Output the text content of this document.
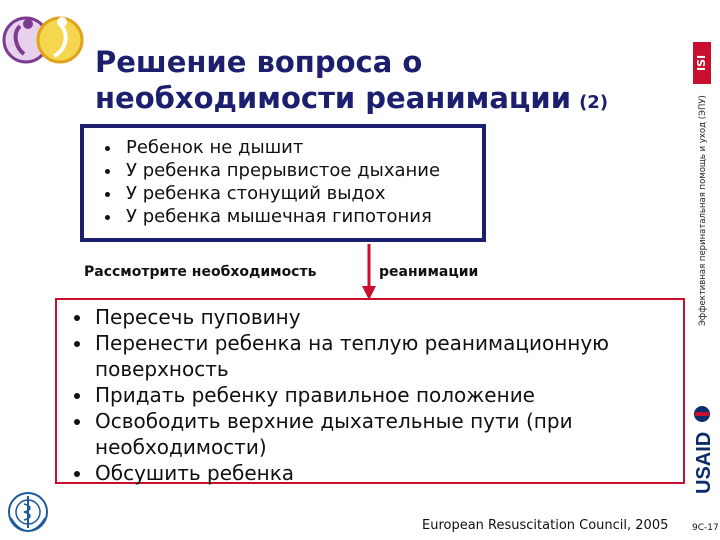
Решение вопроса о
необходимости реанимации (2)
ISI
Эффективная перинатальная помощь и уход (ЭПУ)
USAID
• Ребенок не дышит
• У ребенка прерывистое дыхание
• У ребенка стонущий выдох
• У ребенка мышечная гипотония
Рассмотрите необходимость	реанимации
• Пересечь пуповину
• Перенести ребенка на теплую реанимационную поверхность
• Придать ребенку правильное положение
• Освободить верхние дыхательные пути (при необходимости)
• Обсушить ребенка
European Resuscitation Council, 2005	9C-17
